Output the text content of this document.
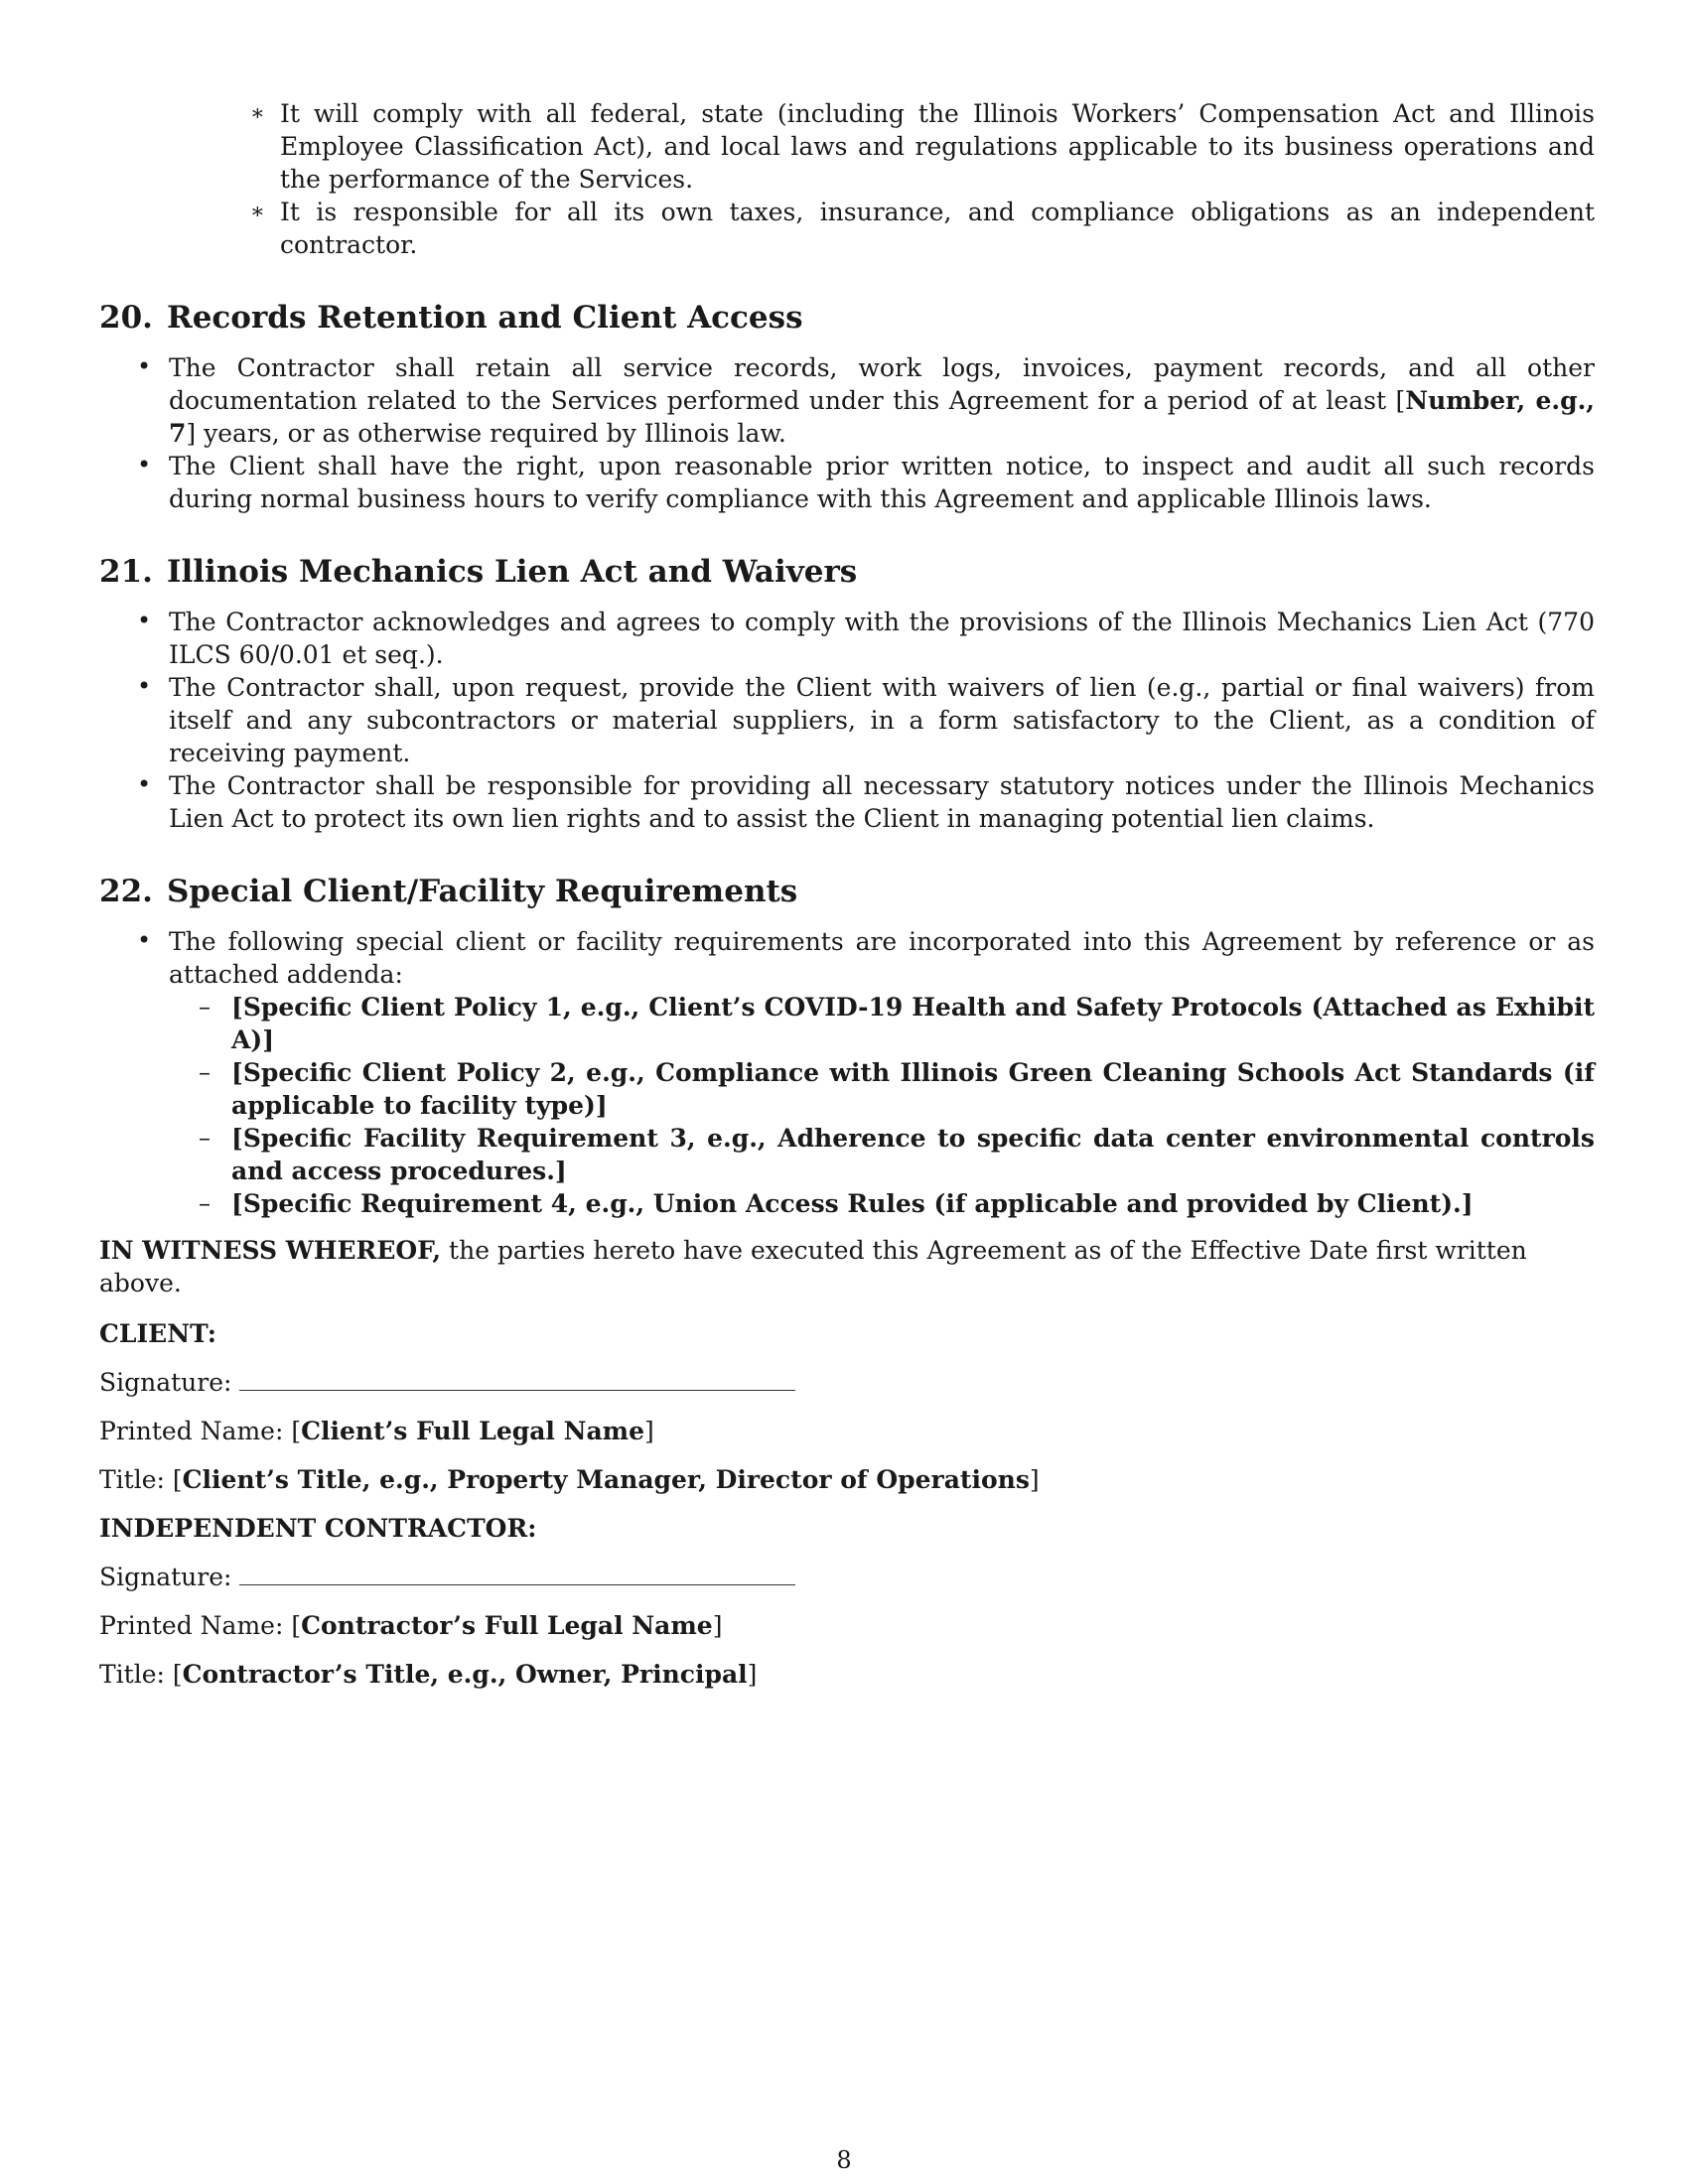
∗ It will comply with all federal, state (including the Illinois Workers’ Compensation Act and Illinois Employee Classification Act), and local laws and regulations applicable to its business operations and the performance of the Services.
∗ It is responsible for all its own taxes, insurance, and compliance obligations as an independent contractor.
20. Records Retention and Client Access
• The Contractor shall retain all service records, work logs, invoices, payment records, and all other documentation related to the Services performed under this Agreement for a period of at least [Number, e.g., 7] years, or as otherwise required by Illinois law.
• The Client shall have the right, upon reasonable prior written notice, to inspect and audit all such records during normal business hours to verify compliance with this Agreement and applicable Illinois laws.
21. Illinois Mechanics Lien Act and Waivers
• The Contractor acknowledges and agrees to comply with the provisions of the Illinois Mechanics Lien Act (770 ILCS 60/0.01 et seq.).
• The Contractor shall, upon request, provide the Client with waivers of lien (e.g., partial or final waivers) from itself and any subcontractors or material suppliers, in a form satisfactory to the Client, as a condition of receiving payment.
• The Contractor shall be responsible for providing all necessary statutory notices under the Illinois Mechanics Lien Act to protect its own lien rights and to assist the Client in managing potential lien claims.
22. Special Client/Facility Requirements
• The following special client or facility requirements are incorporated into this Agreement by reference or as attached addenda:
– [Specific Client Policy 1, e.g., Client’s COVID-19 Health and Safety Protocols (Attached as Exhibit A)]
– [Specific Client Policy 2, e.g., Compliance with Illinois Green Cleaning Schools Act Standards (if applicable to facility type)]
– [Specific Facility Requirement 3, e.g., Adherence to specific data center environmental controls and access procedures.]
– [Specific Requirement 4, e.g., Union Access Rules (if applicable and provided by Client).]
IN WITNESS WHEREOF, the parties hereto have executed this Agreement as of the Effective Date first written above.
CLIENT:
Signature:
Printed Name: [Client’s Full Legal Name]
Title: [Client’s Title, e.g., Property Manager, Director of Operations]
INDEPENDENT CONTRACTOR:
Signature:
Printed Name: [Contractor’s Full Legal Name]
Title: [Contractor’s Title, e.g., Owner, Principal]
8
